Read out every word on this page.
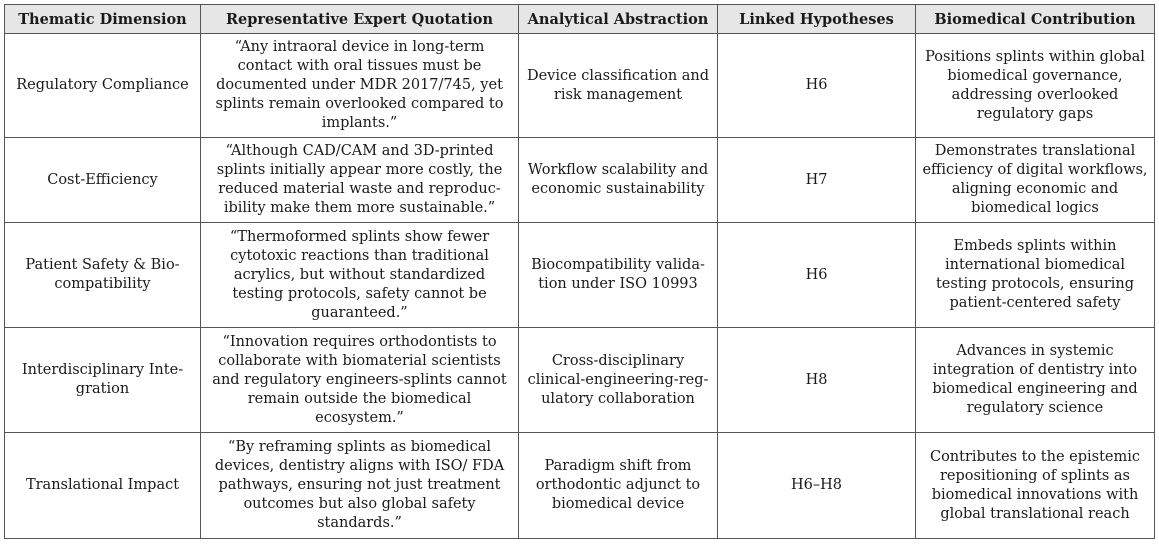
Thematic Dimension	Representative Expert Quotation	Analytical Abstraction	Linked Hypotheses	Biomedical Contribution
Regulatory Compliance	“Any intraoral device in long-term contact with oral tissues must be documented under MDR 2017/745, yet splints remain overlooked compared to implants.”	Device classification and risk management	H6	Positions splints within global biomedical governance, addressing overlooked regulatory gaps
Cost-Efficiency	“Although CAD/CAM and 3D-printed splints initially appear more costly, the reduced material waste and reproducibility make them more sustainable.”	Workflow scalability and economic sustainability	H7	Demonstrates translational efficiency of digital workflows, aligning economic and biomedical logics
Patient Safety & Biocompatibility	“Thermoformed splints show fewer cytotoxic reactions than traditional acrylics, but without standardized testing protocols, safety cannot be guaranteed.”	Biocompatibility validation under ISO 10993	H6	Embeds splints within international biomedical testing protocols, ensuring patient-centered safety
Interdisciplinary Integration	“Innovation requires orthodontists to collaborate with biomaterial scientists and regulatory engineers-splints cannot remain outside the biomedical ecosystem.”	Cross-disciplinary clinical-engineering-regulatory collaboration	H8	Advances in systemic integration of dentistry into biomedical engineering and regulatory science
Translational Impact	“By reframing splints as biomedical devices, dentistry aligns with ISO/ FDA pathways, ensuring not just treatment outcomes but also global safety standards.”	Paradigm shift from orthodontic adjunct to biomedical device	H6–H8	Contributes to the epistemic repositioning of splints as biomedical innovations with global translational reach
